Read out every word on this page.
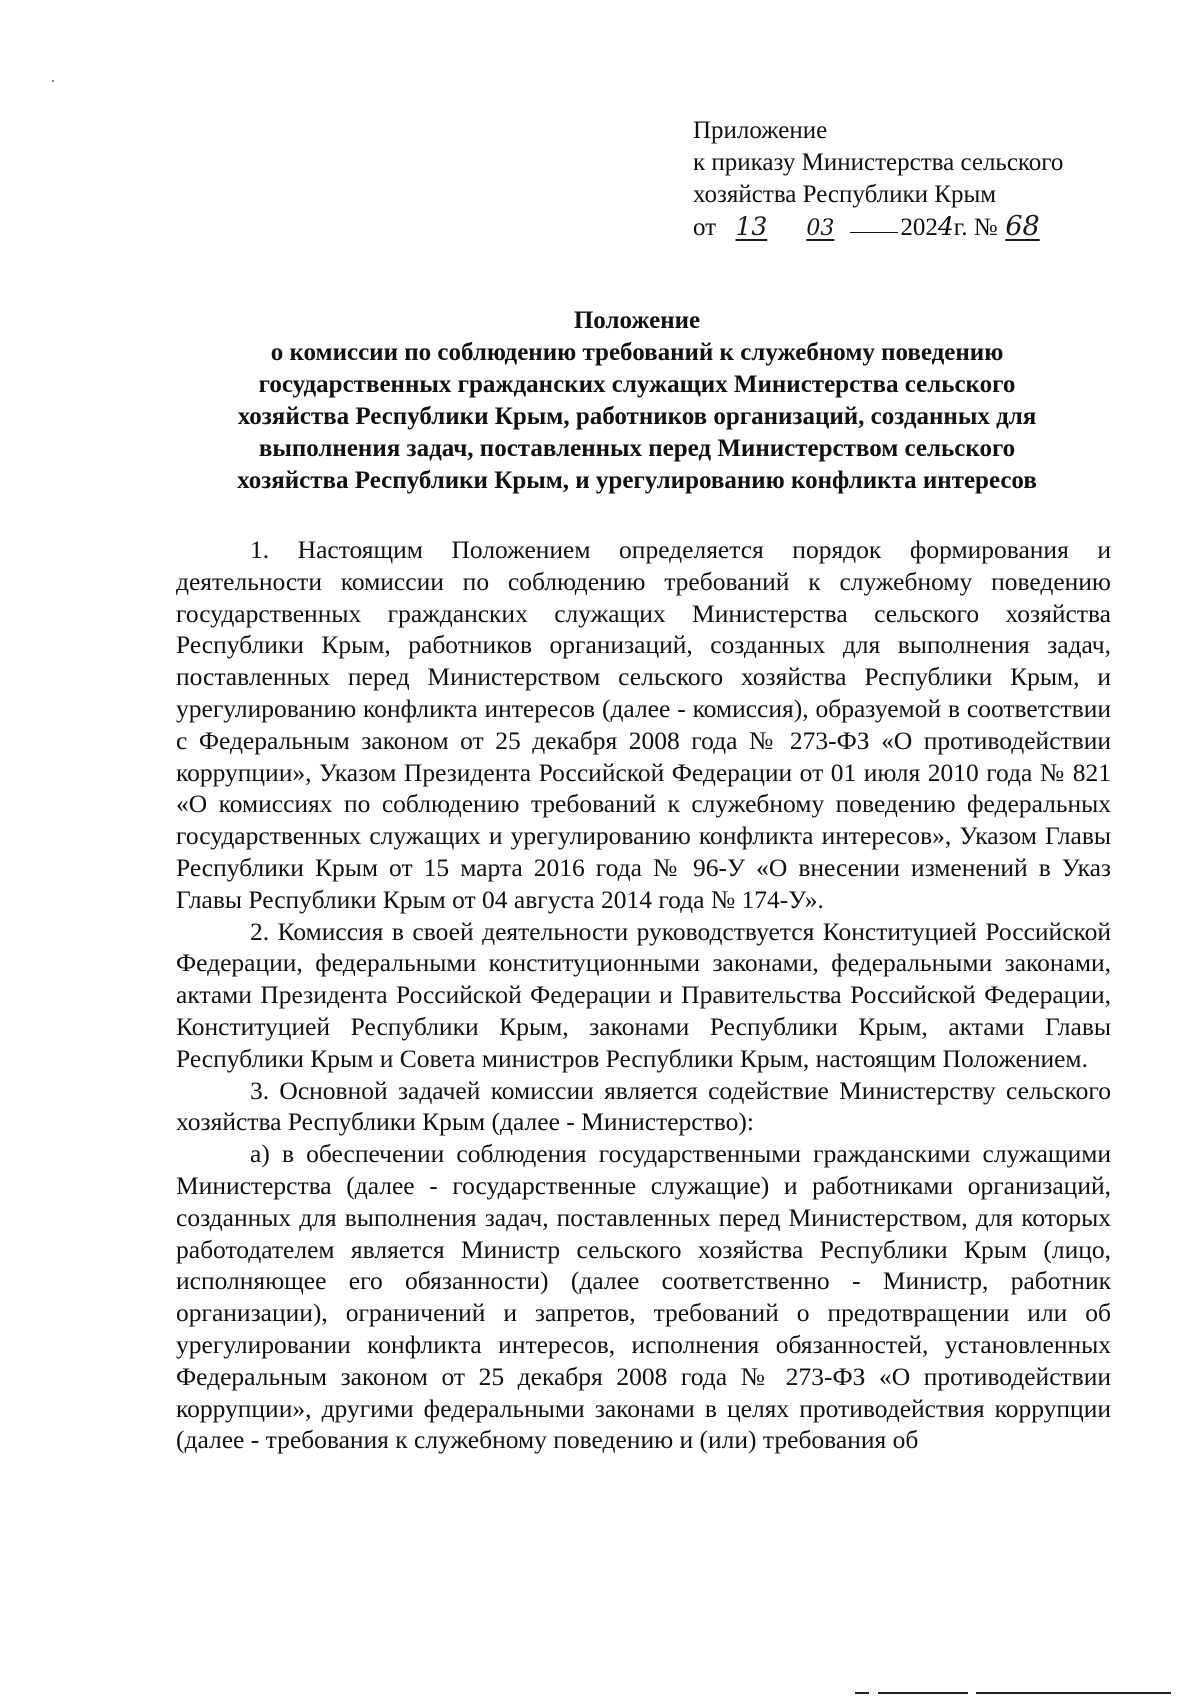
Приложение
к приказу Министерства сельского
хозяйства Республики Крым
от 13 03	2024г. № 68
Положение
о комиссии по соблюдению требований к служебному поведению
государственных гражданских служащих Министерства сельского
хозяйства Республики Крым, работников организаций, созданных для
выполнения задач, поставленных перед Министерством сельского
хозяйства Республики Крым, и урегулированию конфликта интересов

1. Настоящим Положением определяется порядок формирования и деятельности комиссии по соблюдению требований к служебному поведению государственных гражданских служащих Министерства сельского хозяйства Республики Крым, работников организаций, созданных для выполнения задач, поставленных перед Министерством сельского хозяйства Республики Крым, и урегулированию конфликта интересов (далее - комиссия), образуемой в соответствии с Федеральным законом от 25 декабря 2008 года № 273-ФЗ «О противодействии коррупции», Указом Президента Российской Федерации от 01 июля 2010 года № 821 «О комиссиях по соблюдению требований к служебному поведению федеральных государственных служащих и урегулированию конфликта интересов», Указом Главы Республики Крым от 15 марта 2016 года № 96-У «О внесении изменений в Указ Главы Республики Крым от 04 августа 2014 года № 174-У».

2. Комиссия в своей деятельности руководствуется Конституцией Российской Федерации, федеральными конституционными законами, федеральными законами, актами Президента Российской Федерации и Правительства Российской Федерации, Конституцией Республики Крым, законами Республики Крым, актами Главы Республики Крым и Совета министров Республики Крым, настоящим Положением.

3. Основной задачей комиссии является содействие Министерству сельского хозяйства Республики Крым (далее - Министерство):

а) в обеспечении соблюдения государственными гражданскими служащими Министерства (далее - государственные служащие) и работниками организаций, созданных для выполнения задач, поставленных перед Министерством, для которых работодателем является Министр сельского хозяйства Республики Крым (лицо, исполняющее его обязанности) (далее соответственно - Министр, работник организации), ограничений и запретов, требований о предотвращении или об урегулировании конфликта интересов, исполнения обязанностей, установленных Федеральным законом от 25 декабря 2008 года № 273-ФЗ «О противодействии коррупции», другими федеральными законами в целях противодействия коррупции (далее - требования к служебному поведению и (или) требования об
